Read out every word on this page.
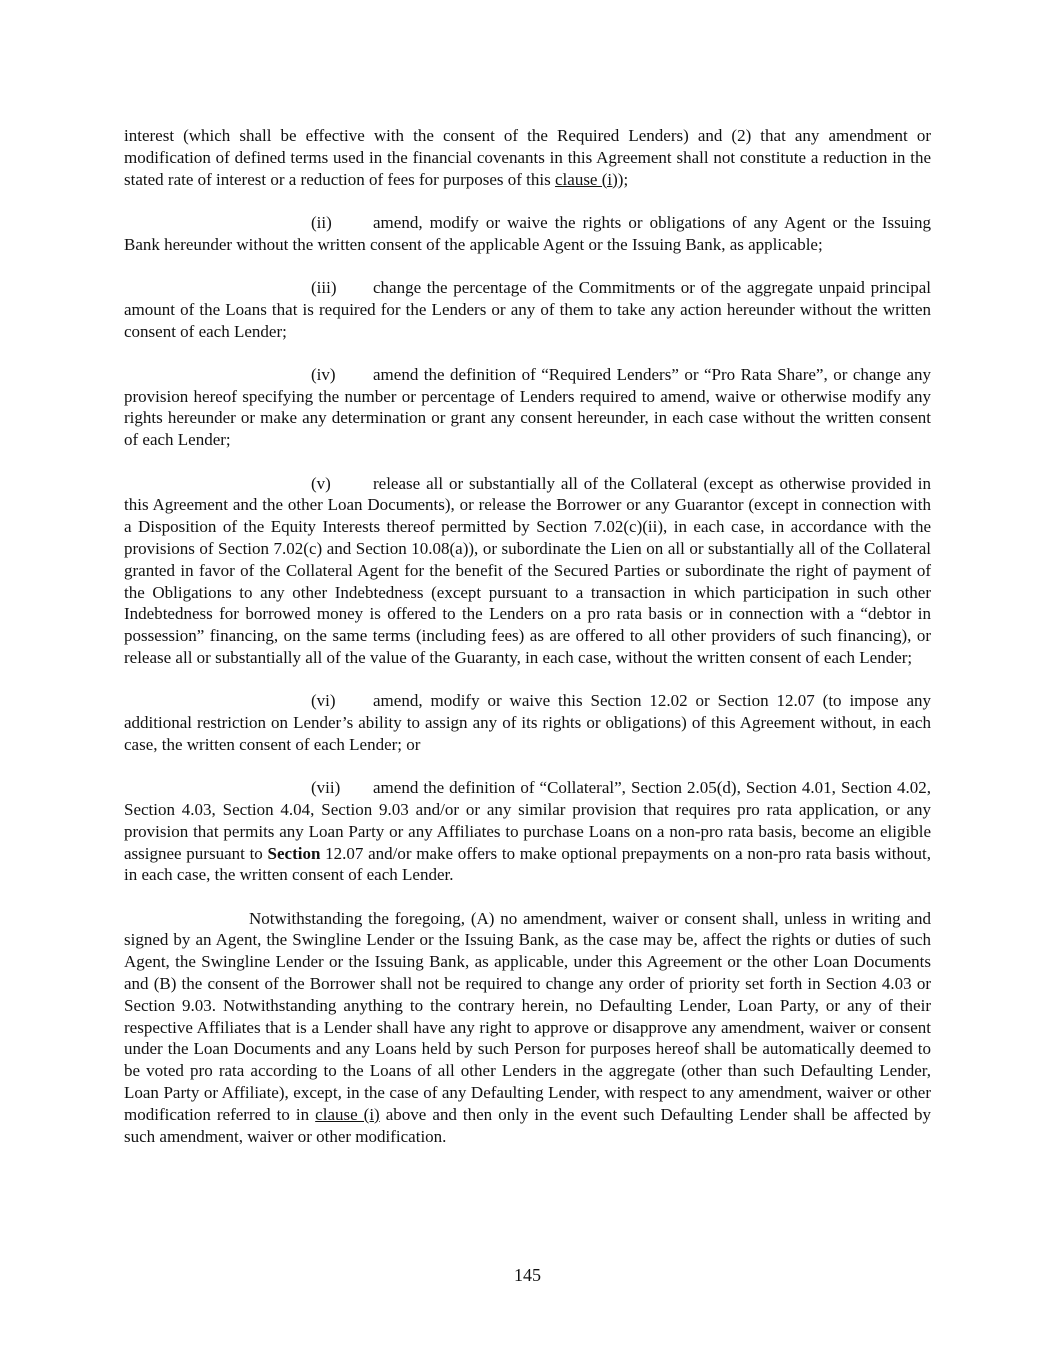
interest (which shall be effective with the consent of the Required Lenders) and (2) that any amendment or modification of defined terms used in the financial covenants in this Agreement shall not constitute a reduction in the stated rate of interest or a reduction of fees for purposes of this clause (i));

(ii) amend, modify or waive the rights or obligations of any Agent or the Issuing Bank hereunder without the written consent of the applicable Agent or the Issuing Bank, as applicable;

(iii) change the percentage of the Commitments or of the aggregate unpaid principal amount of the Loans that is required for the Lenders or any of them to take any action hereunder without the written consent of each Lender;

(iv) amend the definition of “Required Lenders” or “Pro Rata Share”, or change any provision hereof specifying the number or percentage of Lenders required to amend, waive or otherwise modify any rights hereunder or make any determination or grant any consent hereunder, in each case without the written consent of each Lender;

(v) release all or substantially all of the Collateral (except as otherwise provided in this Agreement and the other Loan Documents), or release the Borrower or any Guarantor (except in connection with a Disposition of the Equity Interests thereof permitted by Section 7.02(c)(ii), in each case, in accordance with the provisions of Section 7.02(c) and Section 10.08(a)), or subordinate the Lien on all or substantially all of the Collateral granted in favor of the Collateral Agent for the benefit of the Secured Parties or subordinate the right of payment of the Obligations to any other Indebtedness (except pursuant to a transaction in which participation in such other Indebtedness for borrowed money is offered to the Lenders on a pro rata basis or in connection with a “debtor in possession” financing, on the same terms (including fees) as are offered to all other providers of such financing), or release all or substantially all of the value of the Guaranty, in each case, without the written consent of each Lender;

(vi) amend, modify or waive this Section 12.02 or Section 12.07 (to impose any additional restriction on Lender’s ability to assign any of its rights or obligations) of this Agreement without, in each case, the written consent of each Lender; or

(vii) amend the definition of “Collateral”, Section 2.05(d), Section 4.01, Section 4.02, Section 4.03, Section 4.04, Section 9.03 and/or or any similar provision that requires pro rata application, or any provision that permits any Loan Party or any Affiliates to purchase Loans on a non-pro rata basis, become an eligible assignee pursuant to Section 12.07 and/or make offers to make optional prepayments on a non-pro rata basis without, in each case, the written consent of each Lender.

Notwithstanding the foregoing, (A) no amendment, waiver or consent shall, unless in writing and signed by an Agent, the Swingline Lender or the Issuing Bank, as the case may be, affect the rights or duties of such Agent, the Swingline Lender or the Issuing Bank, as applicable, under this Agreement or the other Loan Documents and (B) the consent of the Borrower shall not be required to change any order of priority set forth in Section 4.03 or Section 9.03. Notwithstanding anything to the contrary herein, no Defaulting Lender, Loan Party, or any of their respective Affiliates that is a Lender shall have any right to approve or disapprove any amendment, waiver or consent under the Loan Documents and any Loans held by such Person for purposes hereof shall be automatically deemed to be voted pro rata according to the Loans of all other Lenders in the aggregate (other than such Defaulting Lender, Loan Party or Affiliate), except, in the case of any Defaulting Lender, with respect to any amendment, waiver or other modification referred to in clause (i) above and then only in the event such Defaulting Lender shall be affected by such amendment, waiver or other modification.

145
